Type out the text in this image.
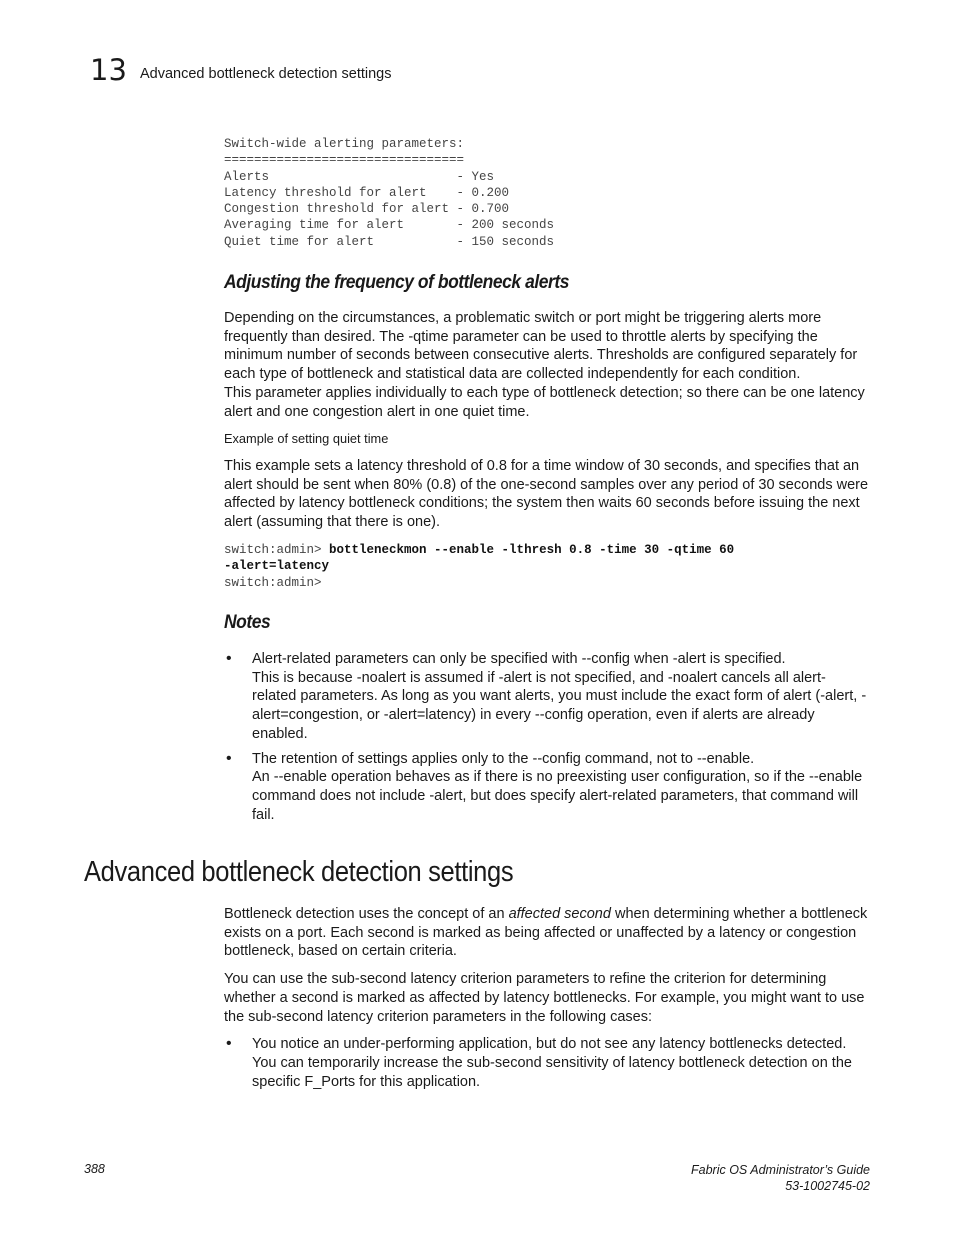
13 Advanced bottleneck detection settings
Switch-wide alerting parameters:
================================
Alerts                         - Yes
Latency threshold for alert    - 0.200
Congestion threshold for alert - 0.700
Averaging time for alert       - 200 seconds
Quiet time for alert           - 150 seconds
Adjusting the frequency of bottleneck alerts

Depending on the circumstances, a problematic switch or port might be triggering alerts more frequently than desired. The -qtime parameter can be used to throttle alerts by specifying the minimum number of seconds between consecutive alerts. Thresholds are configured separately for each type of bottleneck and statistical data are collected independently for each condition.

This parameter applies individually to each type of bottleneck detection; so there can be one latency alert and one congestion alert in one quiet time.

Example of setting quiet time

This example sets a latency threshold of 0.8 for a time window of 30 seconds, and specifies that an alert should be sent when 80% (0.8) of the one-second samples over any period of 30 seconds were affected by latency bottleneck conditions; the system then waits 60 seconds before issuing the next alert (assuming that there is one).

switch:admin> bottleneckmon --enable -lthresh 0.8 -time 30 -qtime 60
-alert=latency
switch:admin>
Notes
• Alert-related parameters can only be specified with --config when -alert is specified.
This is because -noalert is assumed if -alert is not specified, and -noalert cancels all alert-related parameters. As long as you want alerts, you must include the exact form of alert (-alert, -alert=congestion, or -alert=latency) in every --config operation, even if alerts are already enabled.
• The retention of settings applies only to the --config command, not to --enable.
An --enable operation behaves as if there is no preexisting user configuration, so if the --enable command does not include -alert, but does specify alert-related parameters, that command will fail.
Advanced bottleneck detection settings

Bottleneck detection uses the concept of an affected second when determining whether a bottleneck exists on a port. Each second is marked as being affected or unaffected by a latency or congestion bottleneck, based on certain criteria.

You can use the sub-second latency criterion parameters to refine the criterion for determining whether a second is marked as affected by latency bottlenecks. For example, you might want to use the sub-second latency criterion parameters in the following cases:

• You notice an under-performing application, but do not see any latency bottlenecks detected. You can temporarily increase the sub-second sensitivity of latency bottleneck detection on the specific F_Ports for this application.
388	Fabric OS Administrator’s Guide
53-1002745-02
